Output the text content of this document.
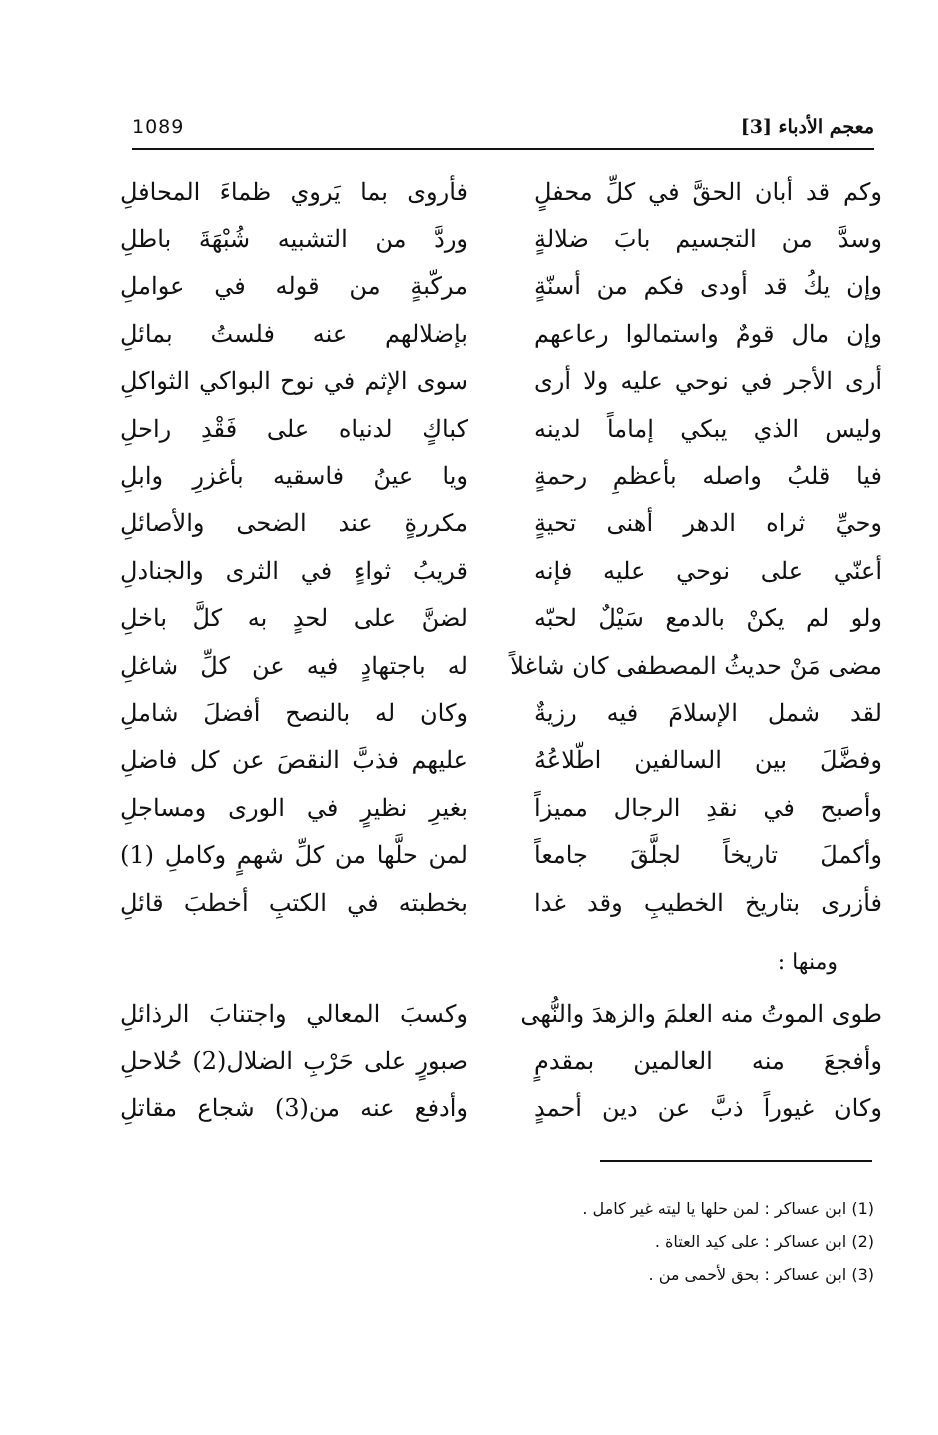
معجم الأدباء [3]
1089
وكم قد أبان الحقَّ في كلِّ محفلٍ
فأروى بما يَروي ظماءَ المحافلِ
وسدَّ من التجسيم بابَ ضلالةٍ
وردَّ من التشبيه شُبْهَةَ باطلِ
وإن يكُ قد أودى فكم من أسنّةٍ
مركّبةٍ من قوله في عواملِ
وإن مال قومٌ واستمالوا رعاعهم
بإضلالهم عنه فلستُ بمائلِ
أرى الأجر في نوحي عليه ولا أرى
سوى الإثم في نوح البواكي الثواكلِ
وليس الذي يبكي إماماً لدينه
كباكٍ لدنياه على فَقْدِ راحلِ
فيا قلبُ واصله بأعظمِ رحمةٍ
ويا عينُ فاسقيه بأغزرِ وابلِ
وحيِّ ثراه الدهر أهنى تحيةٍ
مكررةٍ عند الضحى والأصائلِ
أعنّي على نوحي عليه فإنه
قريبُ ثواءٍ في الثرى والجنادلِ
ولو لم يكنْ بالدمع سَيْلٌ لحبّه
لضنَّ على لحدٍ به كلَّ باخلِ
مضى مَنْ حديثُ المصطفى كان شاغلاً
له باجتهادٍ فيه عن كلِّ شاغلِ
لقد شمل الإسلامَ فيه رزيةٌ
وكان له بالنصح أفضلَ شاملِ
وفضَّلَ بين السالفين اطّلاعُهُ
عليهم فذبَّ النقصَ عن كل فاضلِ
وأصبح في نقدِ الرجال مميزاً
بغيرِ نظيرٍ في الورى ومساجلِ
وأكملَ تاريخاً لجلَّقَ جامعاً
لمن حلَّها من كلِّ شهمٍ وكاملِ (1)
فأزرى بتاريخ الخطيبِ وقد غدا
بخطبته في الكتبِ أخطبَ قائلِ
ومنها :
طوى الموتُ منه العلمَ والزهدَ والنُّهى
وكسبَ المعالي واجتنابَ الرذائلِ
وأفجعَ منه العالمين بمقدمٍ
صبورٍ على حَرْبِ الضلال(2) حُلاحلِ
وكان غيوراً ذبَّ عن دين أحمدٍ
وأدفع عنه من(3) شجاع مقاتلِ
(1) ابن عساكر : لمن حلها يا ليته غير كامل .
(2) ابن عساكر : على كيد العتاة .
(3) ابن عساكر : بحق لأحمى من .
